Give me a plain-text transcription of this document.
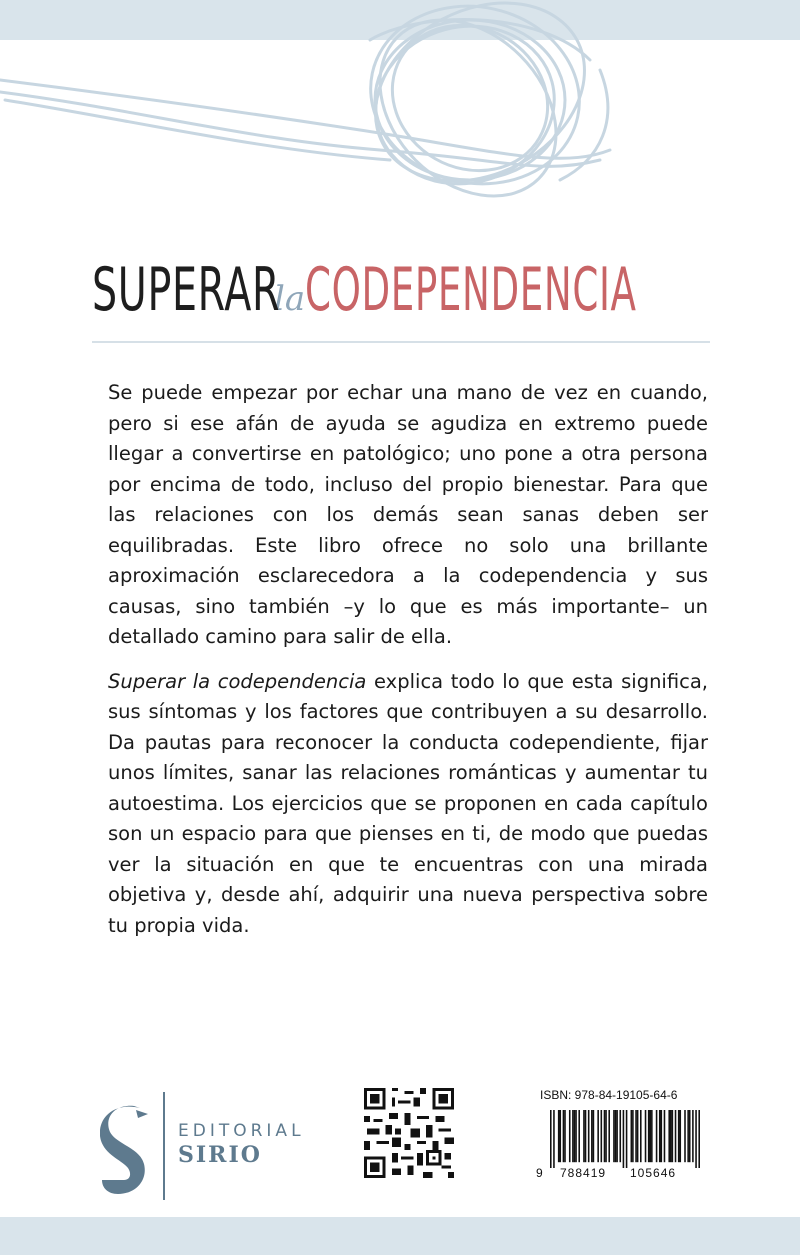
SUPERAR
la CODEPENDENCIA

Se puede empezar por echar una mano de vez en cuando, pero si ese afán de ayuda se agudiza en extremo puede llegar a convertirse en patológico; uno pone a otra persona por encima de todo, incluso del propio bienestar. Para que las relaciones con los demás sean sanas deben ser equilibradas. Este libro ofrece no solo una brillante aproximación esclarecedora a la codependencia y sus causas, sino también –y lo que es más importante– un detallado camino para salir de ella.

Superar la codependencia explica todo lo que esta significa, sus síntomas y los factores que contribuyen a su desarrollo. Da pautas para reconocer la conducta codependiente, fijar unos límites, sanar las relaciones románticas y aumentar tu autoestima. Los ejercicios que se proponen en cada capítulo son un espacio para que pienses en ti, de modo que puedas ver la situación en que te encuentras con una mirada objetiva y, desde ahí, adquirir una nueva perspectiva sobre tu propia vida.

EDITORIAL
SIRIO
ISBN: 978-84-19105-64-6
9 788419 105646
